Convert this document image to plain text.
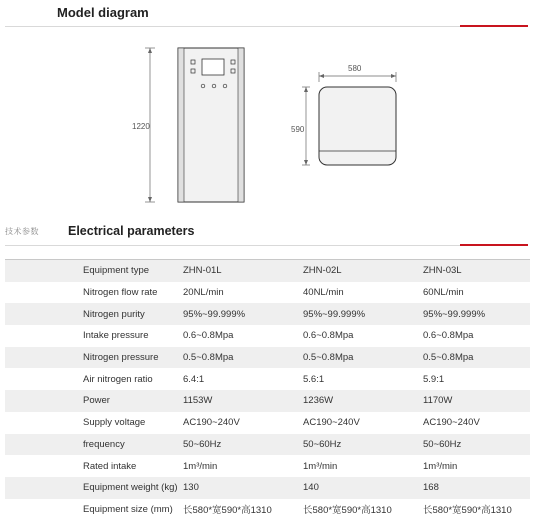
Model diagram
1220
580
590
技术参数 Electrical parameters
Equipment type	ZHN-01L	ZHN-02L	ZHN-03L
Nitrogen flow rate	20NL/min	40NL/min	60NL/min
Nitrogen purity	95%~99.999%	95%~99.999%	95%~99.999%
Intake pressure	0.6~0.8Mpa	0.6~0.8Mpa	0.6~0.8Mpa
Nitrogen pressure	0.5~0.8Mpa	0.5~0.8Mpa	0.5~0.8Mpa
Air nitrogen ratio	6.4:1	5.6:1	5.9:1
Power	1153W	1236W	1170W
Supply voltage	AC190~240V	AC190~240V	AC190~240V
frequency	50~60Hz	50~60Hz	50~60Hz
Rated intake	1m³/min	1m³/min	1m³/min
Equipment weight (kg)	130	140	168
Equipment size (mm)	长580*宽590*高1310	长580*宽590*高1310	长580*宽590*高1310
